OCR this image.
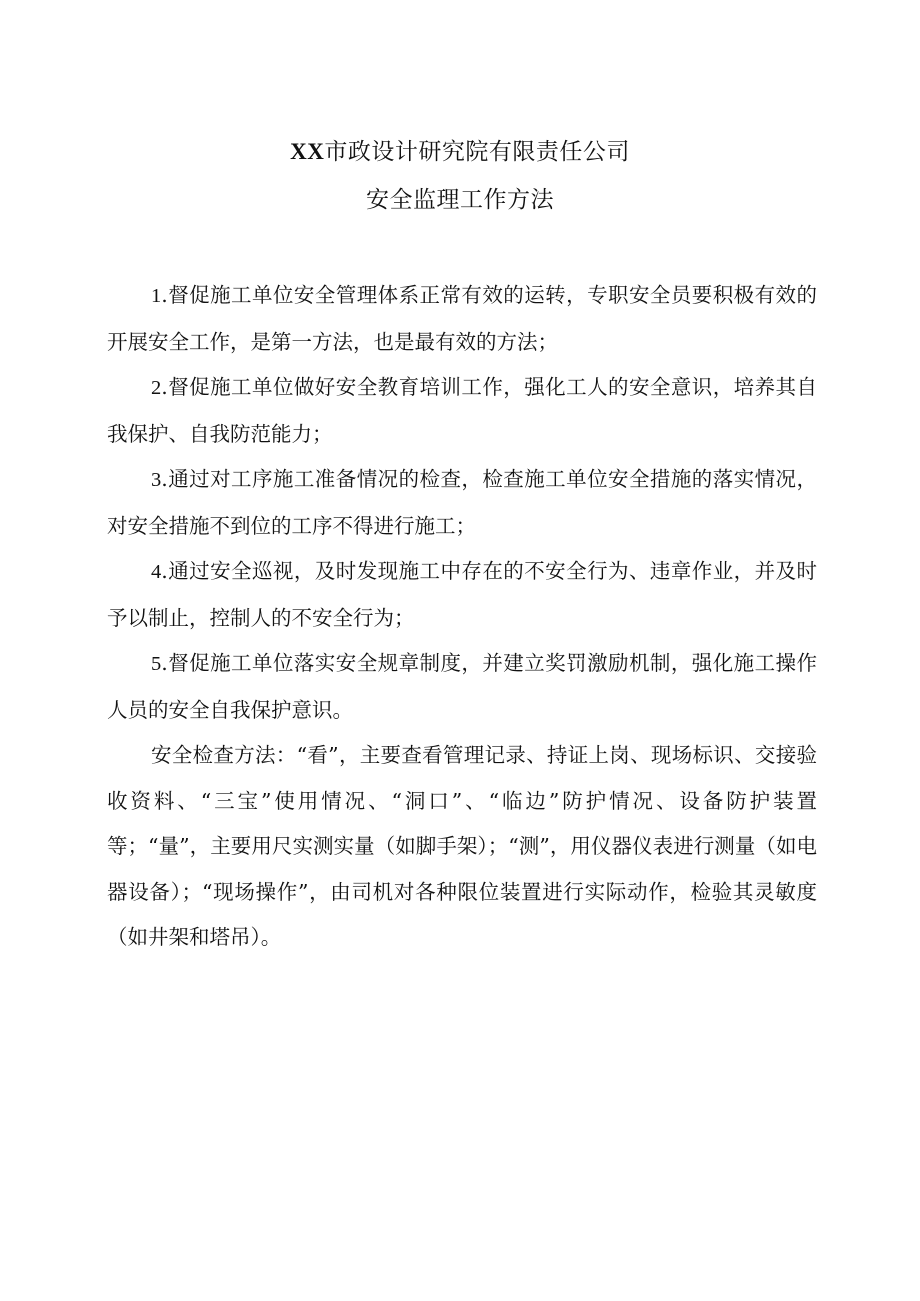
XX市政设计研究院有限责任公司
安全监理工作方法

1.督促施工单位安全管理体系正常有效的运转，专职安全员要积极有效的开展安全工作，是第一方法，也是最有效的方法；

2.督促施工单位做好安全教育培训工作，强化工人的安全意识，培养其自我保护、自我防范能力；

3.通过对工序施工准备情况的检查，检查施工单位安全措施的落实情况，对安全措施不到位的工序不得进行施工；

4.通过安全巡视，及时发现施工中存在的不安全行为、违章作业，并及时予以制止，控制人的不安全行为；

5.督促施工单位落实安全规章制度，并建立奖罚激励机制，强化施工操作人员的安全自我保护意识。

安全检查方法：“看”，主要查看管理记录、持证上岗、现场标识、交接验收资料、“三宝”使用情况、“洞口”、“临边”防护情况、设备防护装置等；“量”，主要用尺实测实量（如脚手架）；“测”，用仪器仪表进行测量（如电器设备）；“现场操作”，由司机对各种限位装置进行实际动作，检验其灵敏度（如井架和塔吊）。
